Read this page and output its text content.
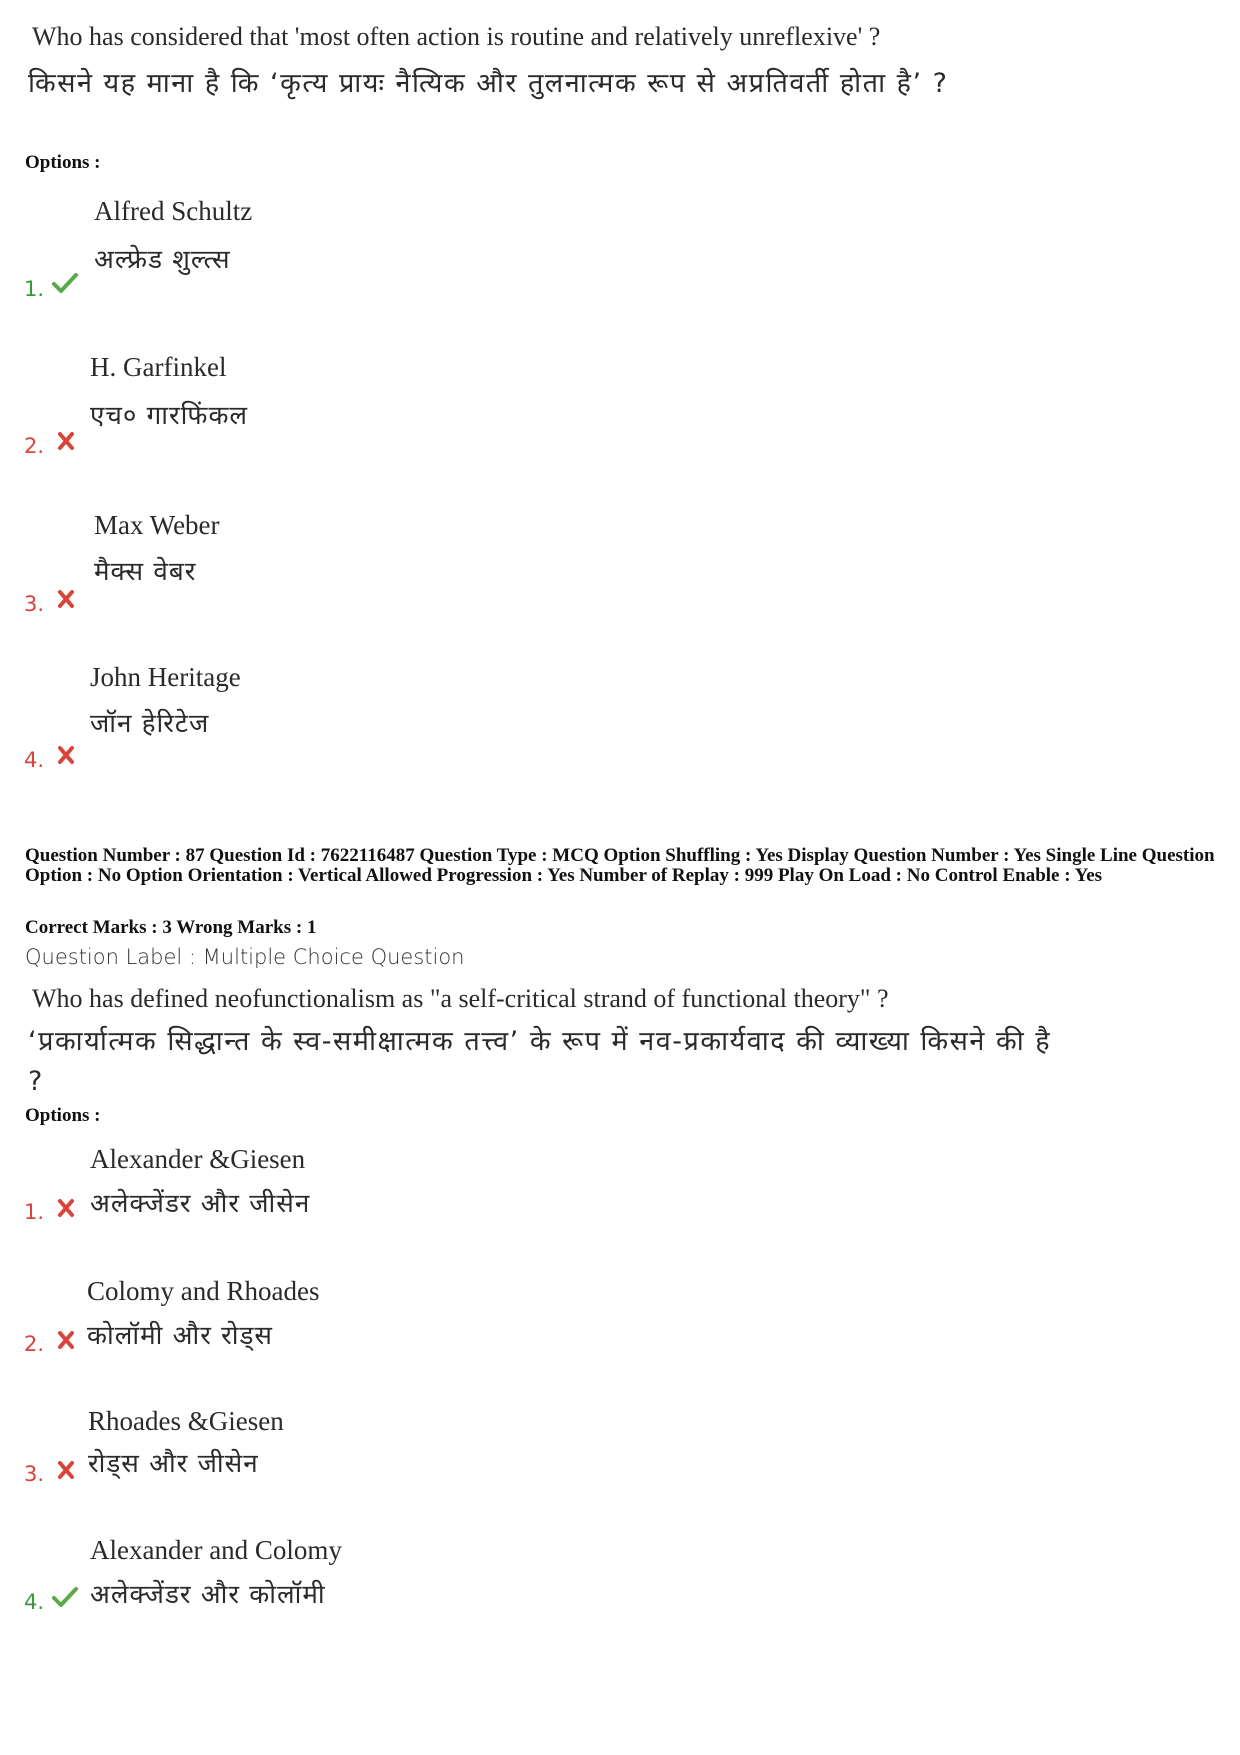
Who has considered that 'most often action is routine and relatively unreflexive' ?
किसने यह माना है कि ‘कृत्य प्रायः नैत्यिक और तुलनात्मक रूप से अप्रतिवर्ती होता है’ ?
Options :
Alfred Schultz
अल्फ्रेड शुल्त्स
1.
H. Garfinkel
एच० गारफिंकल
2.
Max Weber
मैक्स वेबर
3.
John Heritage
जॉन हेरिटेज
4.
Question Number : 87 Question Id : 7622116487 Question Type : MCQ Option Shuffling : Yes Display Question Number : Yes Single Line Question Option : No Option Orientation : Vertical Allowed Progression : Yes Number of Replay : 999 Play On Load : No Control Enable : Yes
Correct Marks : 3 Wrong Marks : 1
Question Label : Multiple Choice Question
Who has defined neofunctionalism as "a self-critical strand of functional theory" ?
‘प्रकार्यात्मक सिद्धान्त के स्व-समीक्षात्मक तत्त्व’ के रूप में नव-प्रकार्यवाद की व्याख्या किसने की है ?
Options :
Alexander &Giesen
अलेक्जेंडर और जीसेन
1.
Colomy and Rhoades
कोलॉमी और रोड्स
2.
Rhoades &Giesen
रोड्स और जीसेन
3.
Alexander and Colomy
अलेक्जेंडर और कोलॉमी
4.
